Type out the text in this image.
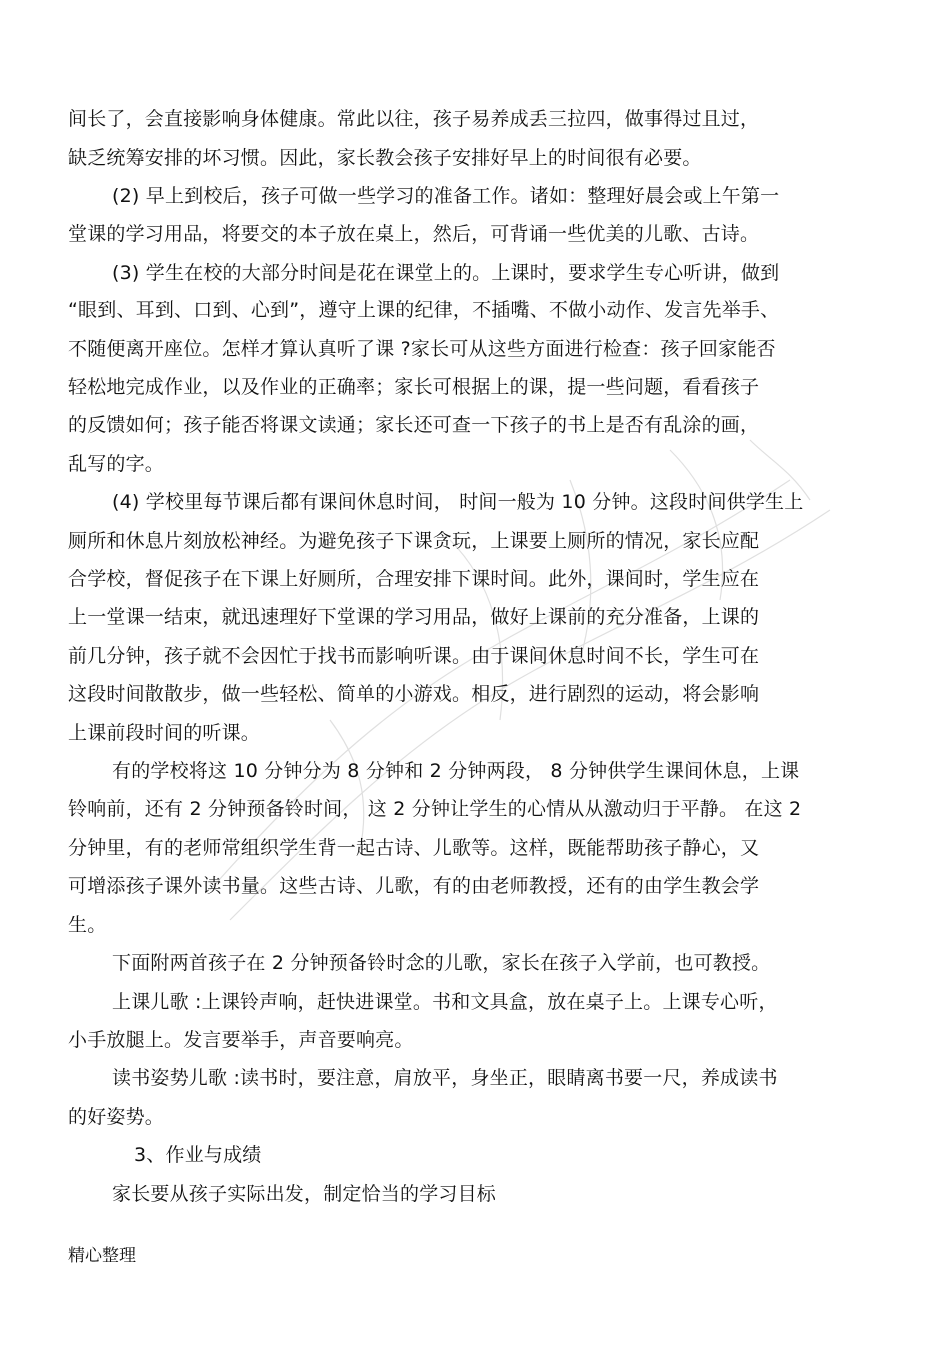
间长了，会直接影响身体健康。常此以往，孩子易养成丢三拉四，做事得过且过，
缺乏统筹安排的坏习惯。因此，家长教会孩子安排好早上的时间很有必要。
(2) 早上到校后，孩子可做一些学习的准备工作。诸如：整理好晨会或上午第一
堂课的学习用品，将要交的本子放在桌上，然后，可背诵一些优美的儿歌、古诗。
(3) 学生在校的大部分时间是花在课堂上的。上课时，要求学生专心听讲，做到
“眼到、耳到、口到、心到”，遵守上课的纪律，不插嘴、不做小动作、发言先举手、
不随便离开座位。怎样才算认真听了课 ?家长可从这些方面进行检查：孩子回家能否
轻松地完成作业，以及作业的正确率；家长可根据上的课，提一些问题，看看孩子
的反馈如何；孩子能否将课文读通；家长还可查一下孩子的书上是否有乱涂的画，
乱写的字。
(4) 学校里每节课后都有课间休息时间， 时间一般为 10 分钟。这段时间供学生上
厕所和休息片刻放松神经。为避免孩子下课贪玩，上课要上厕所的情况，家长应配
合学校，督促孩子在下课上好厕所，合理安排下课时间。此外，课间时，学生应在
上一堂课一结束，就迅速理好下堂课的学习用品，做好上课前的充分准备，上课的
前几分钟，孩子就不会因忙于找书而影响听课。由于课间休息时间不长，学生可在
这段时间散散步，做一些轻松、简单的小游戏。相反，进行剧烈的运动，将会影响
上课前段时间的听课。
有的学校将这 10 分钟分为 8 分钟和 2 分钟两段， 8 分钟供学生课间休息，上课
铃响前，还有 2 分钟预备铃时间， 这 2 分钟让学生的心情从从激动归于平静。 在这 2
分钟里，有的老师常组织学生背一起古诗、儿歌等。这样，既能帮助孩子静心，又
可增添孩子课外读书量。这些古诗、儿歌，有的由老师教授，还有的由学生教会学
生。
下面附两首孩子在 2 分钟预备铃时念的儿歌，家长在孩子入学前，也可教授。
上课儿歌 :上课铃声响，赶快进课堂。书和文具盒，放在桌子上。上课专心听，
小手放腿上。发言要举手，声音要响亮。
读书姿势儿歌 :读书时，要注意，肩放平，身坐正，眼睛离书要一尺，养成读书
的好姿势。
3、作业与成绩
家长要从孩子实际出发，制定恰当的学习目标
精心整理
